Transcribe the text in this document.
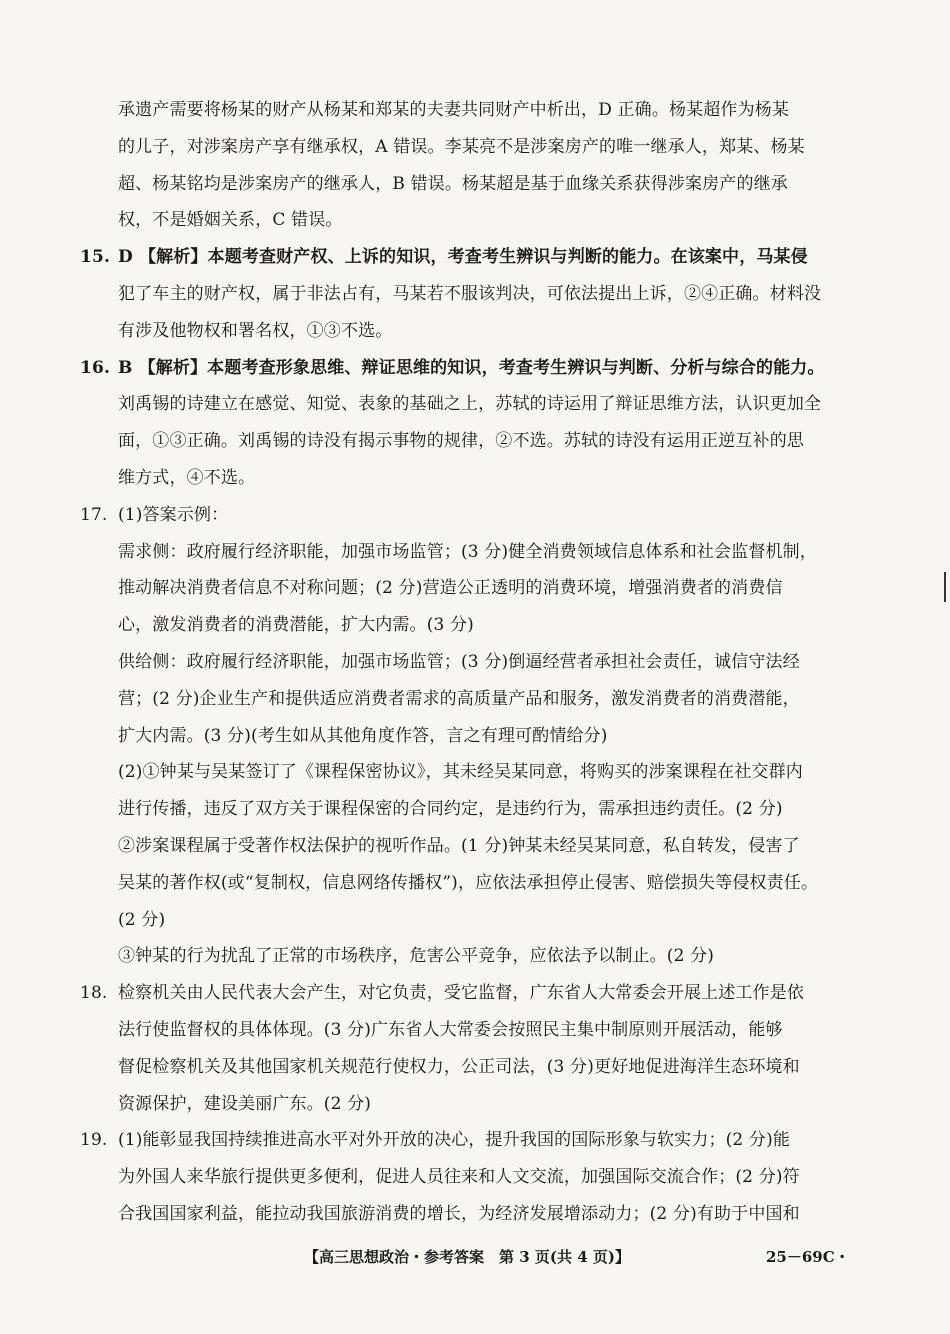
承遗产需要将杨某的财产从杨某和郑某的夫妻共同财产中析出，D 正确。杨某超作为杨某
的儿子，对涉案房产享有继承权，A 错误。李某亮不是涉案房产的唯一继承人，郑某、杨某
超、杨某铭均是涉案房产的继承人，B 错误。杨某超是基于血缘关系获得涉案房产的继承
权，不是婚姻关系，C 错误。
15. D 【解析】本题考查财产权、上诉的知识，考查考生辨识与判断的能力。在该案中，马某侵
犯了车主的财产权，属于非法占有，马某若不服该判决，可依法提出上诉，②④正确。材料没
有涉及他物权和署名权，①③不选。
16. B 【解析】本题考查形象思维、辩证思维的知识，考查考生辨识与判断、分析与综合的能力。
刘禹锡的诗建立在感觉、知觉、表象的基础之上，苏轼的诗运用了辩证思维方法，认识更加全
面，①③正确。刘禹锡的诗没有揭示事物的规律，②不选。苏轼的诗没有运用正逆互补的思
维方式，④不选。
17. (1)答案示例：
需求侧：政府履行经济职能，加强市场监管；(3 分)健全消费领域信息体系和社会监督机制，
推动解决消费者信息不对称问题；(2 分)营造公正透明的消费环境，增强消费者的消费信
心，激发消费者的消费潜能，扩大内需。(3 分)
供给侧：政府履行经济职能，加强市场监管；(3 分)倒逼经营者承担社会责任，诚信守法经
营；(2 分)企业生产和提供适应消费者需求的高质量产品和服务，激发消费者的消费潜能，
扩大内需。(3 分)(考生如从其他角度作答，言之有理可酌情给分)
(2)①钟某与吴某签订了《课程保密协议》，其未经吴某同意，将购买的涉案课程在社交群内
进行传播，违反了双方关于课程保密的合同约定，是违约行为，需承担违约责任。(2 分)
②涉案课程属于受著作权法保护的视听作品。(1 分)钟某未经吴某同意，私自转发，侵害了
吴某的著作权(或“复制权，信息网络传播权”)，应依法承担停止侵害、赔偿损失等侵权责任。
(2 分)
③钟某的行为扰乱了正常的市场秩序，危害公平竞争，应依法予以制止。(2 分)
18. 检察机关由人民代表大会产生，对它负责，受它监督，广东省人大常委会开展上述工作是依
法行使监督权的具体体现。(3 分)广东省人大常委会按照民主集中制原则开展活动，能够
督促检察机关及其他国家机关规范行使权力，公正司法，(3 分)更好地促进海洋生态环境和
资源保护，建设美丽广东。(2 分)
19. (1)能彰显我国持续推进高水平对外开放的决心，提升我国的国际形象与软实力；(2 分)能
为外国人来华旅行提供更多便利，促进人员往来和人文交流，加强国际交流合作；(2 分)符
合我国国家利益，能拉动我国旅游消费的增长，为经济发展增添动力；(2 分)有助于中国和
【高三思想政治・参考答案　第 3 页(共 4 页)】	25－69C・
